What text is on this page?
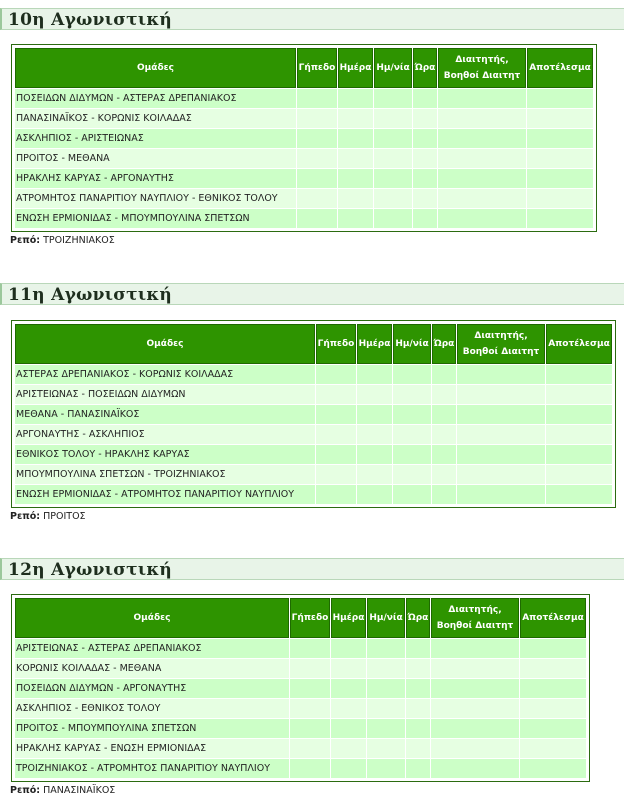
10η Αγωνιστική
Ομάδες	Γήπεδο	Ημέρα	Ημ/νία	Ώρα	Διαιτητής,
Βοηθοί Διαιτητ	Αποτέλεσμα
ΠΟΣΕΙΔΩΝ ΔΙΔΥΜΩΝ - ΑΣΤΕΡΑΣ ΔΡΕΠΑΝΙΑΚΟΣ						
ΠΑΝΑΣΙΝΑΪΚΟΣ - ΚΟΡΩΝΙΣ ΚΟΙΛΑΔΑΣ						
ΑΣΚΛΗΠΙΟΣ - ΑΡΙΣΤΕΙΩΝΑΣ						
ΠΡΟΙΤΟΣ - ΜΕΘΑΝΑ						
ΗΡΑΚΛΗΣ ΚΑΡΥΑΣ - ΑΡΓΟΝΑΥΤΗΣ						
ΑΤΡΟΜΗΤΟΣ ΠΑΝΑΡΙΤΙΟΥ ΝΑΥΠΛΙΟΥ - ΕΘΝΙΚΟΣ ΤΟΛΟΥ						
ΕΝΩΣΗ ΕΡΜΙΟΝΙΔΑΣ - ΜΠΟΥΜΠΟΥΛΙΝΑ ΣΠΕΤΣΩΝ						
Ρεπό: ΤΡΟΙΖΗΝΙΑΚΟΣ
11η Αγωνιστική
Ομάδες	Γήπεδο	Ημέρα	Ημ/νία	Ώρα	Διαιτητής,
Βοηθοί Διαιτητ	Αποτέλεσμα
ΑΣΤΕΡΑΣ ΔΡΕΠΑΝΙΑΚΟΣ - ΚΟΡΩΝΙΣ ΚΟΙΛΑΔΑΣ						
ΑΡΙΣΤΕΙΩΝΑΣ - ΠΟΣΕΙΔΩΝ ΔΙΔΥΜΩΝ						
ΜΕΘΑΝΑ - ΠΑΝΑΣΙΝΑΪΚΟΣ						
ΑΡΓΟΝΑΥΤΗΣ - ΑΣΚΛΗΠΙΟΣ						
ΕΘΝΙΚΟΣ ΤΟΛΟΥ - ΗΡΑΚΛΗΣ ΚΑΡΥΑΣ						
ΜΠΟΥΜΠΟΥΛΙΝΑ ΣΠΕΤΣΩΝ - ΤΡΟΙΖΗΝΙΑΚΟΣ						
ΕΝΩΣΗ ΕΡΜΙΟΝΙΔΑΣ - ΑΤΡΟΜΗΤΟΣ ΠΑΝΑΡΙΤΙΟΥ ΝΑΥΠΛΙΟΥ						
Ρεπό: ΠΡΟΙΤΟΣ
12η Αγωνιστική
Ομάδες	Γήπεδο	Ημέρα	Ημ/νία	Ώρα	Διαιτητής,
Βοηθοί Διαιτητ	Αποτέλεσμα
ΑΡΙΣΤΕΙΩΝΑΣ - ΑΣΤΕΡΑΣ ΔΡΕΠΑΝΙΑΚΟΣ						
ΚΟΡΩΝΙΣ ΚΟΙΛΑΔΑΣ - ΜΕΘΑΝΑ						
ΠΟΣΕΙΔΩΝ ΔΙΔΥΜΩΝ - ΑΡΓΟΝΑΥΤΗΣ						
ΑΣΚΛΗΠΙΟΣ - ΕΘΝΙΚΟΣ ΤΟΛΟΥ						
ΠΡΟΙΤΟΣ - ΜΠΟΥΜΠΟΥΛΙΝΑ ΣΠΕΤΣΩΝ						
ΗΡΑΚΛΗΣ ΚΑΡΥΑΣ - ΕΝΩΣΗ ΕΡΜΙΟΝΙΔΑΣ						
ΤΡΟΙΖΗΝΙΑΚΟΣ - ΑΤΡΟΜΗΤΟΣ ΠΑΝΑΡΙΤΙΟΥ ΝΑΥΠΛΙΟΥ						
Ρεπό: ΠΑΝΑΣΙΝΑΪΚΟΣ
